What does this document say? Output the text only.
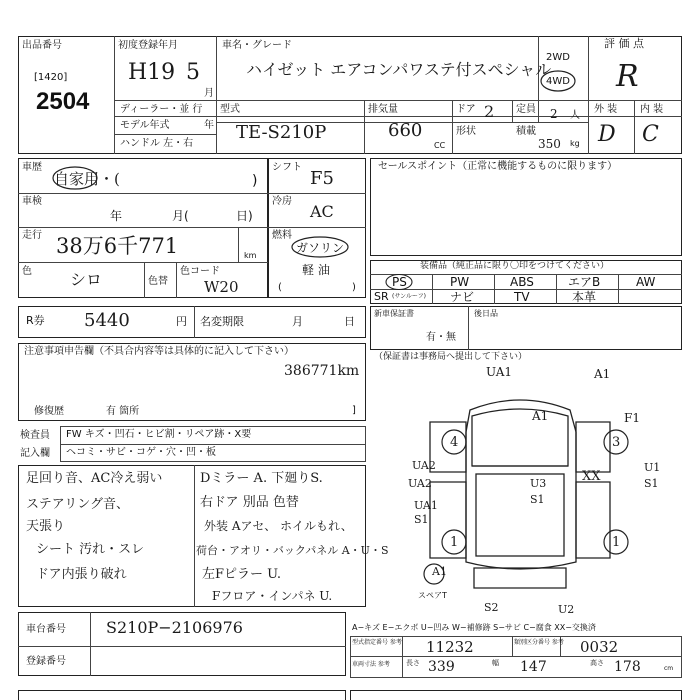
出品番号
[1420]
2504
初度登録年月
H19 5
月
車名・グレード
ハイゼット エアコンパワステ付スペシャル
2WD
4WD
評 価 点
R
ディーラー・並 行
モデル年式	年
ハンドル 左・右
型式
TE-S210P
排気量
660
CC
ドア 2 定員 2 人
形状	積載
350 kg
外 装 内 装
D C
車歴
自家用・(	)
車検
年	月(	日)
走行 38万6千771	km
色 シロ	色替
色コード
W20
シフト
F5
冷房
AC
燃料
ガソリン
軽 油
(	)
セールスポイント（正常に機能するものに限ります）
装備品（純正品に限り〇印をつけてください）
PS	PW	ABS	エアB	AW
SR (サンルーフ) ナビ	TV	本革
R券 5440	円 名変期限	月	日
新車保証書
有・無
後日品
注意事項申告欄（不具合内容等は具体的に記入して下さい）
386771km
修復歴	有 箇所	]
検査員
記入欄
FW キズ・凹石・ヒビ割・リペア跡・X要
ヘコミ・サビ・コゲ・穴・凹・板
足回り音、AC冷え弱い
ステアリング音、
天張り
シート 汚れ・スレ
ドア内張り破れ
Dミラー A. 下廻りS.
右ドア 別品 色替
外装 Aアセ、 ホイルもれ、
荷台・アオリ・バックパネル A・U・S
左Fピラー U.
Fフロア・インパネ U.
（保証書は事務局へ提出して下さい）
UA1	A1
A1	F1
4	3
UA2
UA2	XX
U1
S1
UA1
S1
U3
S1
1	1
A1
S2	U2
スペアT
A−キズ E−エクボ U−凹み W−補修跡 S−サビ C−腐食 XX−交換済
型式指定番号 参考 11232	類別区分番号 参考 0032
車両寸法 参考 長さ 339	幅 147	高さ 178	cm
車台番号	S210P−2106976
登録番号
